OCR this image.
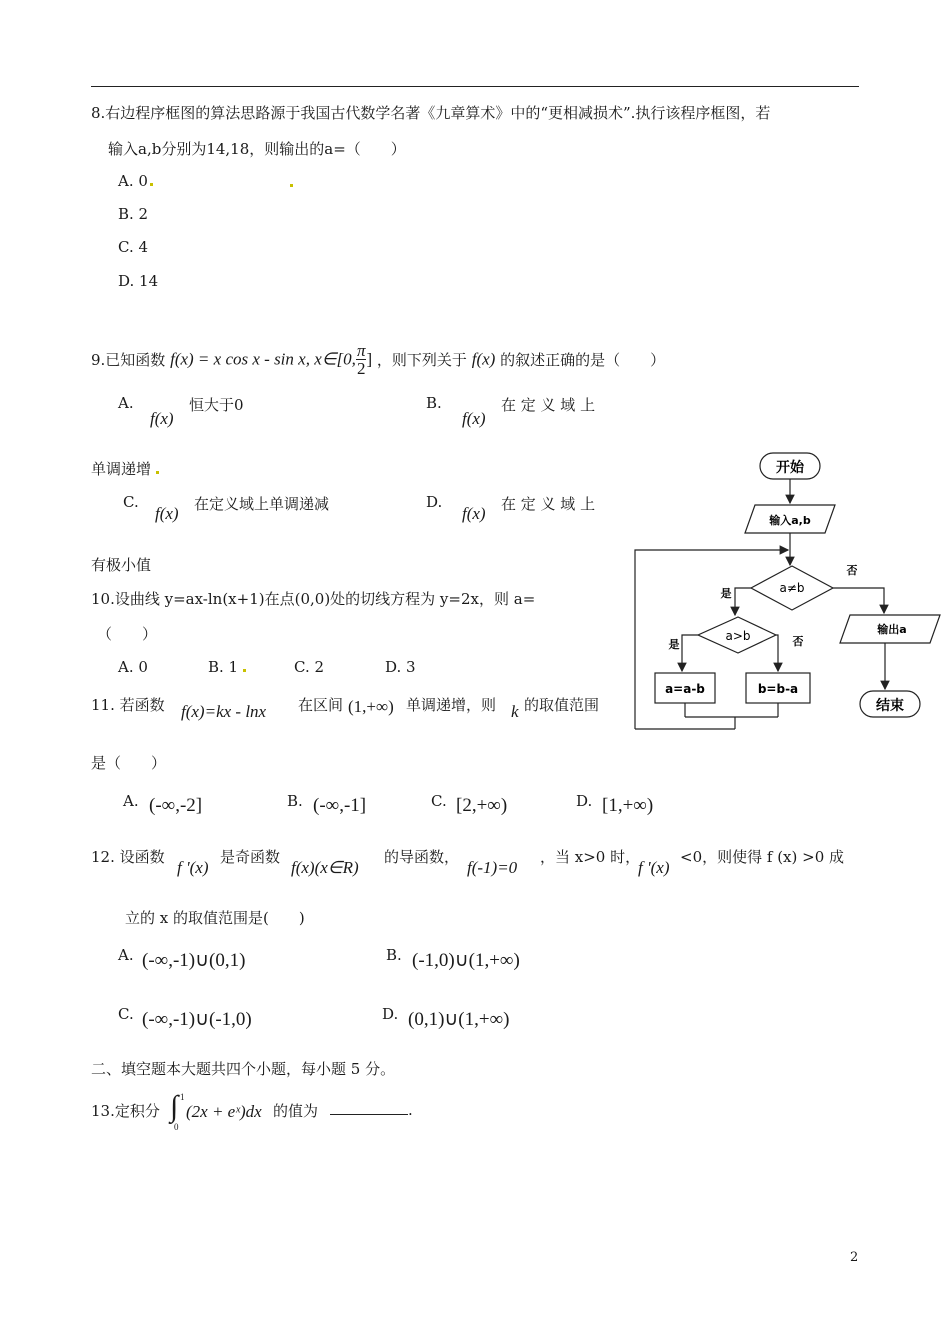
8.右边程序框图的算法思路源于我国古代数学名著《九章算术》中的“更相减损术”.执行该程序框图，若
输入a,b分别为14,18，则输出的a=（　　）
A. 0
B. 2
C. 4
D. 14
9.已知函数 f(x) = x cos x - sin x, x∈[0, $\frac{\pi}{2}$ ] ，则下列关于 f(x) 的叙述正确的是（　　）
A.
f(x)
恒大于0	B.
f(x)
在 定 义 域 上
单调递增
C.
f(x) 在定义域上单调递减	D.
f(x) 在 定 义 域 上
有极小值
10.设曲线 y=ax-ln(x+1)在点(0,0)处的切线方程为 y=2x，则 a=
（　　）
A. 0	B. 1	C. 2	D. 3
11. 若函数 f(x)=kx - lnx 在区间 (1,+∞) 单调递增，则 k 的取值范围
是（　　）
A. (-∞,-2]	B. (-∞,-1]	C. [2,+∞)	D. [1,+∞)
12. 设函数
f '(x)
是奇函数
f(x)(x∈R)
的导函数，
f(-1)=0
，当 x>0 时，
f '(x)
<0，则使得 f (x) >0 成
立的 x 的取值范围是(　　)
A. (-∞,-1)∪(0,1)	B. (-1,0)∪(1,+∞)
C. (-∞,-1)∪(-1,0)	D. (0,1)∪(1,+∞)
二、填空题本大题共四个小题，每小题 5 分。
13.定积分 ∫ 1
0
(2x + eˣ)dx 的值为	.
开始
输入a,b
a≠b
否
是
a>b
是	否
a=a-b	b=b-a
输出a
结束
2
